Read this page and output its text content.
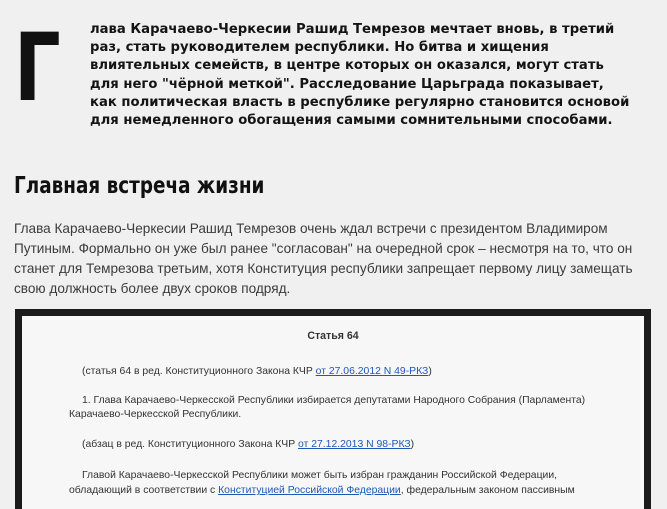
Г лава Карачаево-Черкесии Рашид Темрезов мечтает вновь, в третий раз, стать руководителем республики. Но битва и хищения влиятельных семейств, в центре которых он оказался, могут стать для него "чёрной меткой". Расследование Царьграда показывает, как политическая власть в республике регулярно становится основой для немедленного обогащения самыми сомнительными способами.

Главная встреча жизни

Глава Карачаево-Черкесии Рашид Темрезов очень ждал встречи с президентом Владимиром Путиным. Формально он уже был ранее "согласован" на очередной срок – несмотря на то, что он станет для Темрезова третьим, хотя Конституция республики запрещает первому лицу замещать свою должность более двух сроков подряд.

Статья 64
(статья 64 в ред. Конституционного Закона КЧР от 27.06.2012 N 49-РКЗ)
1. Глава Карачаево-Черкесской Республики избирается депутатами Народного Собрания (Парламента)
Карачаево-Черкесской Республики.
(абзац в ред. Конституционного Закона КЧР от 27.12.2013 N 98-РКЗ)
Главой Карачаево-Черкесской Республики может быть избран гражданин Российской Федерации,
обладающий в соответствии с Конституцией Российской Федерации, федеральным законом пассивным
